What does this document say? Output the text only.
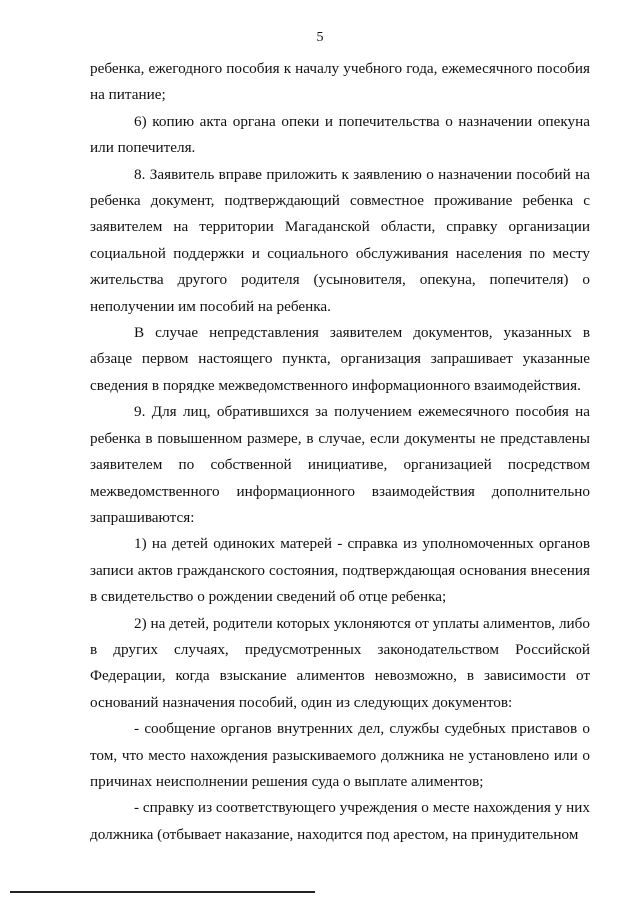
5

ребенка, ежегодного пособия к началу учебного года, ежемесячного пособия на питание;

6) копию акта органа опеки и попечительства о назначении опекуна или попечителя.

8. Заявитель вправе приложить к заявлению о назначении пособий на ребенка документ, подтверждающий совместное проживание ребенка с заявителем на территории Магаданской области, справку организации социальной поддержки и социального обслуживания населения по месту жительства другого родителя (усыновителя, опекуна, попечителя) о неполучении им пособий на ребенка.

В случае непредставления заявителем документов, указанных в абзаце первом настоящего пункта, организация запрашивает указанные сведения в порядке межведомственного информационного взаимодействия.

9. Для лиц, обратившихся за получением ежемесячного пособия на ребенка в повышенном размере, в случае, если документы не представлены заявителем по собственной инициативе, организацией посредством межведомственного информационного взаимодействия дополнительно запрашиваются:

1) на детей одиноких матерей - справка из уполномоченных органов записи актов гражданского состояния, подтверждающая основания внесения в свидетельство о рождении сведений об отце ребенка;

2) на детей, родители которых уклоняются от уплаты алиментов, либо в других случаях, предусмотренных законодательством Российской Федерации, когда взыскание алиментов невозможно, в зависимости от оснований назначения пособий, один из следующих документов:

- сообщение органов внутренних дел, службы судебных приставов о том, что место нахождения разыскиваемого должника не установлено или о причинах неисполнении решения суда о выплате алиментов;

- справку из соответствующего учреждения о месте нахождения у них должника (отбывает наказание, находится под арестом, на принудительном
